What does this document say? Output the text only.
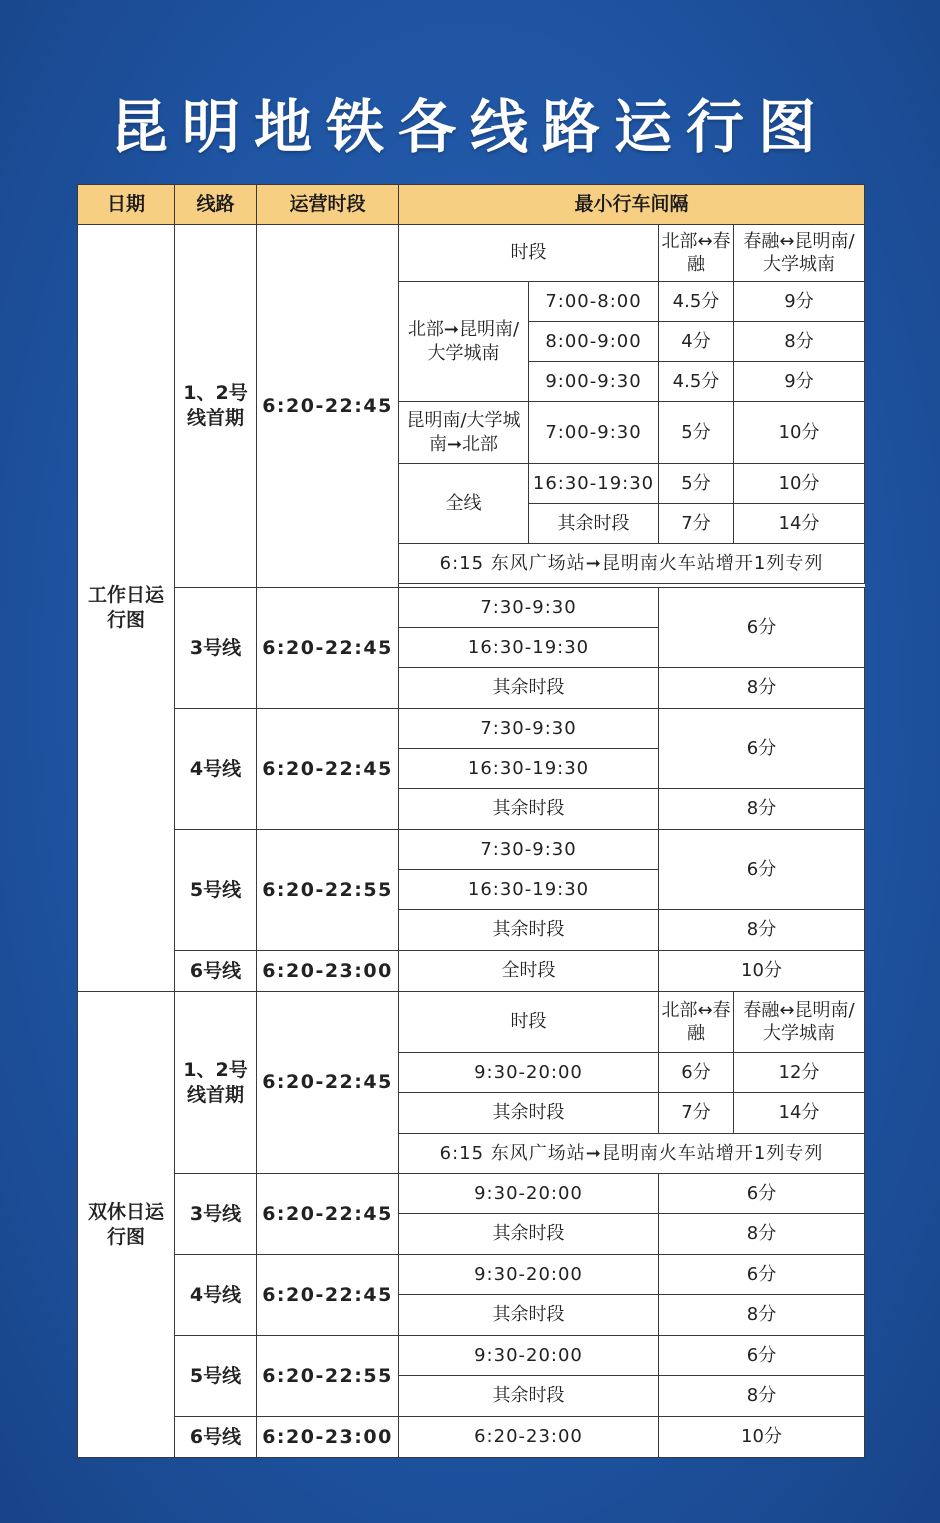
昆明地铁各线路运行图
日期	线路	运营时段	最小行车间隔			
工作日运行图	1、2号线首期	6:20-22:45	时段		北部↔春融	春融↔昆明南/大学城南
			北部➞昆明南/大学城南	7:00-8:00	4.5分	9分
				8:00-9:00	4分	8分
				9:00-9:30	4.5分	9分
			昆明南/大学城南➞北部	7:00-9:30	5分	10分
			全线	16:30-19:30	5分	10分
				其余时段	7分	14分
			6:15 东风广场站➞昆明南火车站增开1列专列			

	3号线	6:20-22:45	7:30-9:30		6分	
			16:30-19:30			
			其余时段		8分	
	4号线	6:20-22:45	7:30-9:30		6分	
			16:30-19:30			
			其余时段		8分	
	5号线	6:20-22:55	7:30-9:30		6分	
			16:30-19:30			
			其余时段		8分	
	6号线	6:20-23:00	全时段		10分	
双休日运行图	1、2号线首期	6:20-22:45	时段		北部↔春融	春融↔昆明南/大学城南
			9:30-20:00		6分	12分
			其余时段		7分	14分
			6:15 东风广场站➞昆明南火车站增开1列专列			
	3号线	6:20-22:45	9:30-20:00		6分	
			其余时段		8分	
	4号线	6:20-22:45	9:30-20:00		6分	
			其余时段		8分	
	5号线	6:20-22:55	9:30-20:00		6分	
			其余时段		8分	
	6号线	6:20-23:00	6:20-23:00		10分	
